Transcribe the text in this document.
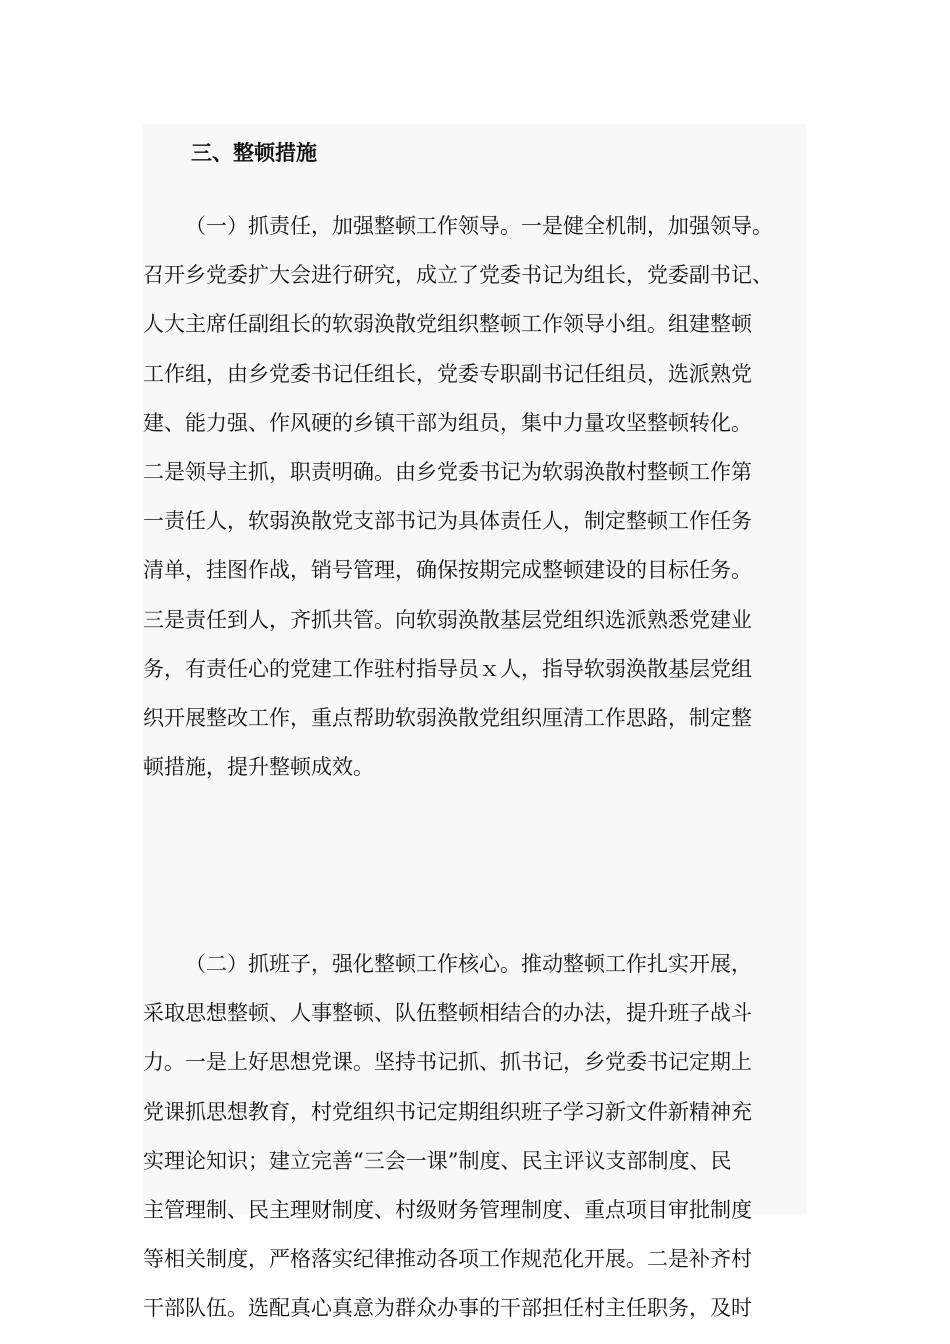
三、整顿措施

（一）抓责任，加强整顿工作领导。一是健全机制，加强领导。
召开乡党委扩大会进行研究，成立了党委书记为组长，党委副书记、
人大主席任副组长的软弱涣散党组织整顿工作领导小组。组建整顿
工作组，由乡党委书记任组长，党委专职副书记任组员，选派熟党
建、能力强、作风硬的乡镇干部为组员，集中力量攻坚整顿转化。
二是领导主抓，职责明确。由乡党委书记为软弱涣散村整顿工作第
一责任人，软弱涣散党支部书记为具体责任人，制定整顿工作任务
清单，挂图作战，销号管理，确保按期完成整顿建设的目标任务。
三是责任到人，齐抓共管。向软弱涣散基层党组织选派熟悉党建业
务，有责任心的党建工作驻村指导员ｘ人，指导软弱涣散基层党组
织开展整改工作，重点帮助软弱涣散党组织厘清工作思路，制定整
顿措施，提升整顿成效。

（二）抓班子，强化整顿工作核心。推动整顿工作扎实开展，
采取思想整顿、人事整顿、队伍整顿相结合的办法，提升班子战斗
力。一是上好思想党课。坚持书记抓、抓书记，乡党委书记定期上
党课抓思想教育，村党组织书记定期组织班子学习新文件新精神充
实理论知识；建立完善“三会一课”制度、民主评议支部制度、民
主管理制、民主理财制度、村级财务管理制度、重点项目审批制度
等相关制度，严格落实纪律推动各项工作规范化开展。二是补齐村
干部队伍。选配真心真意为群众办事的干部担任村主任职务，及时
